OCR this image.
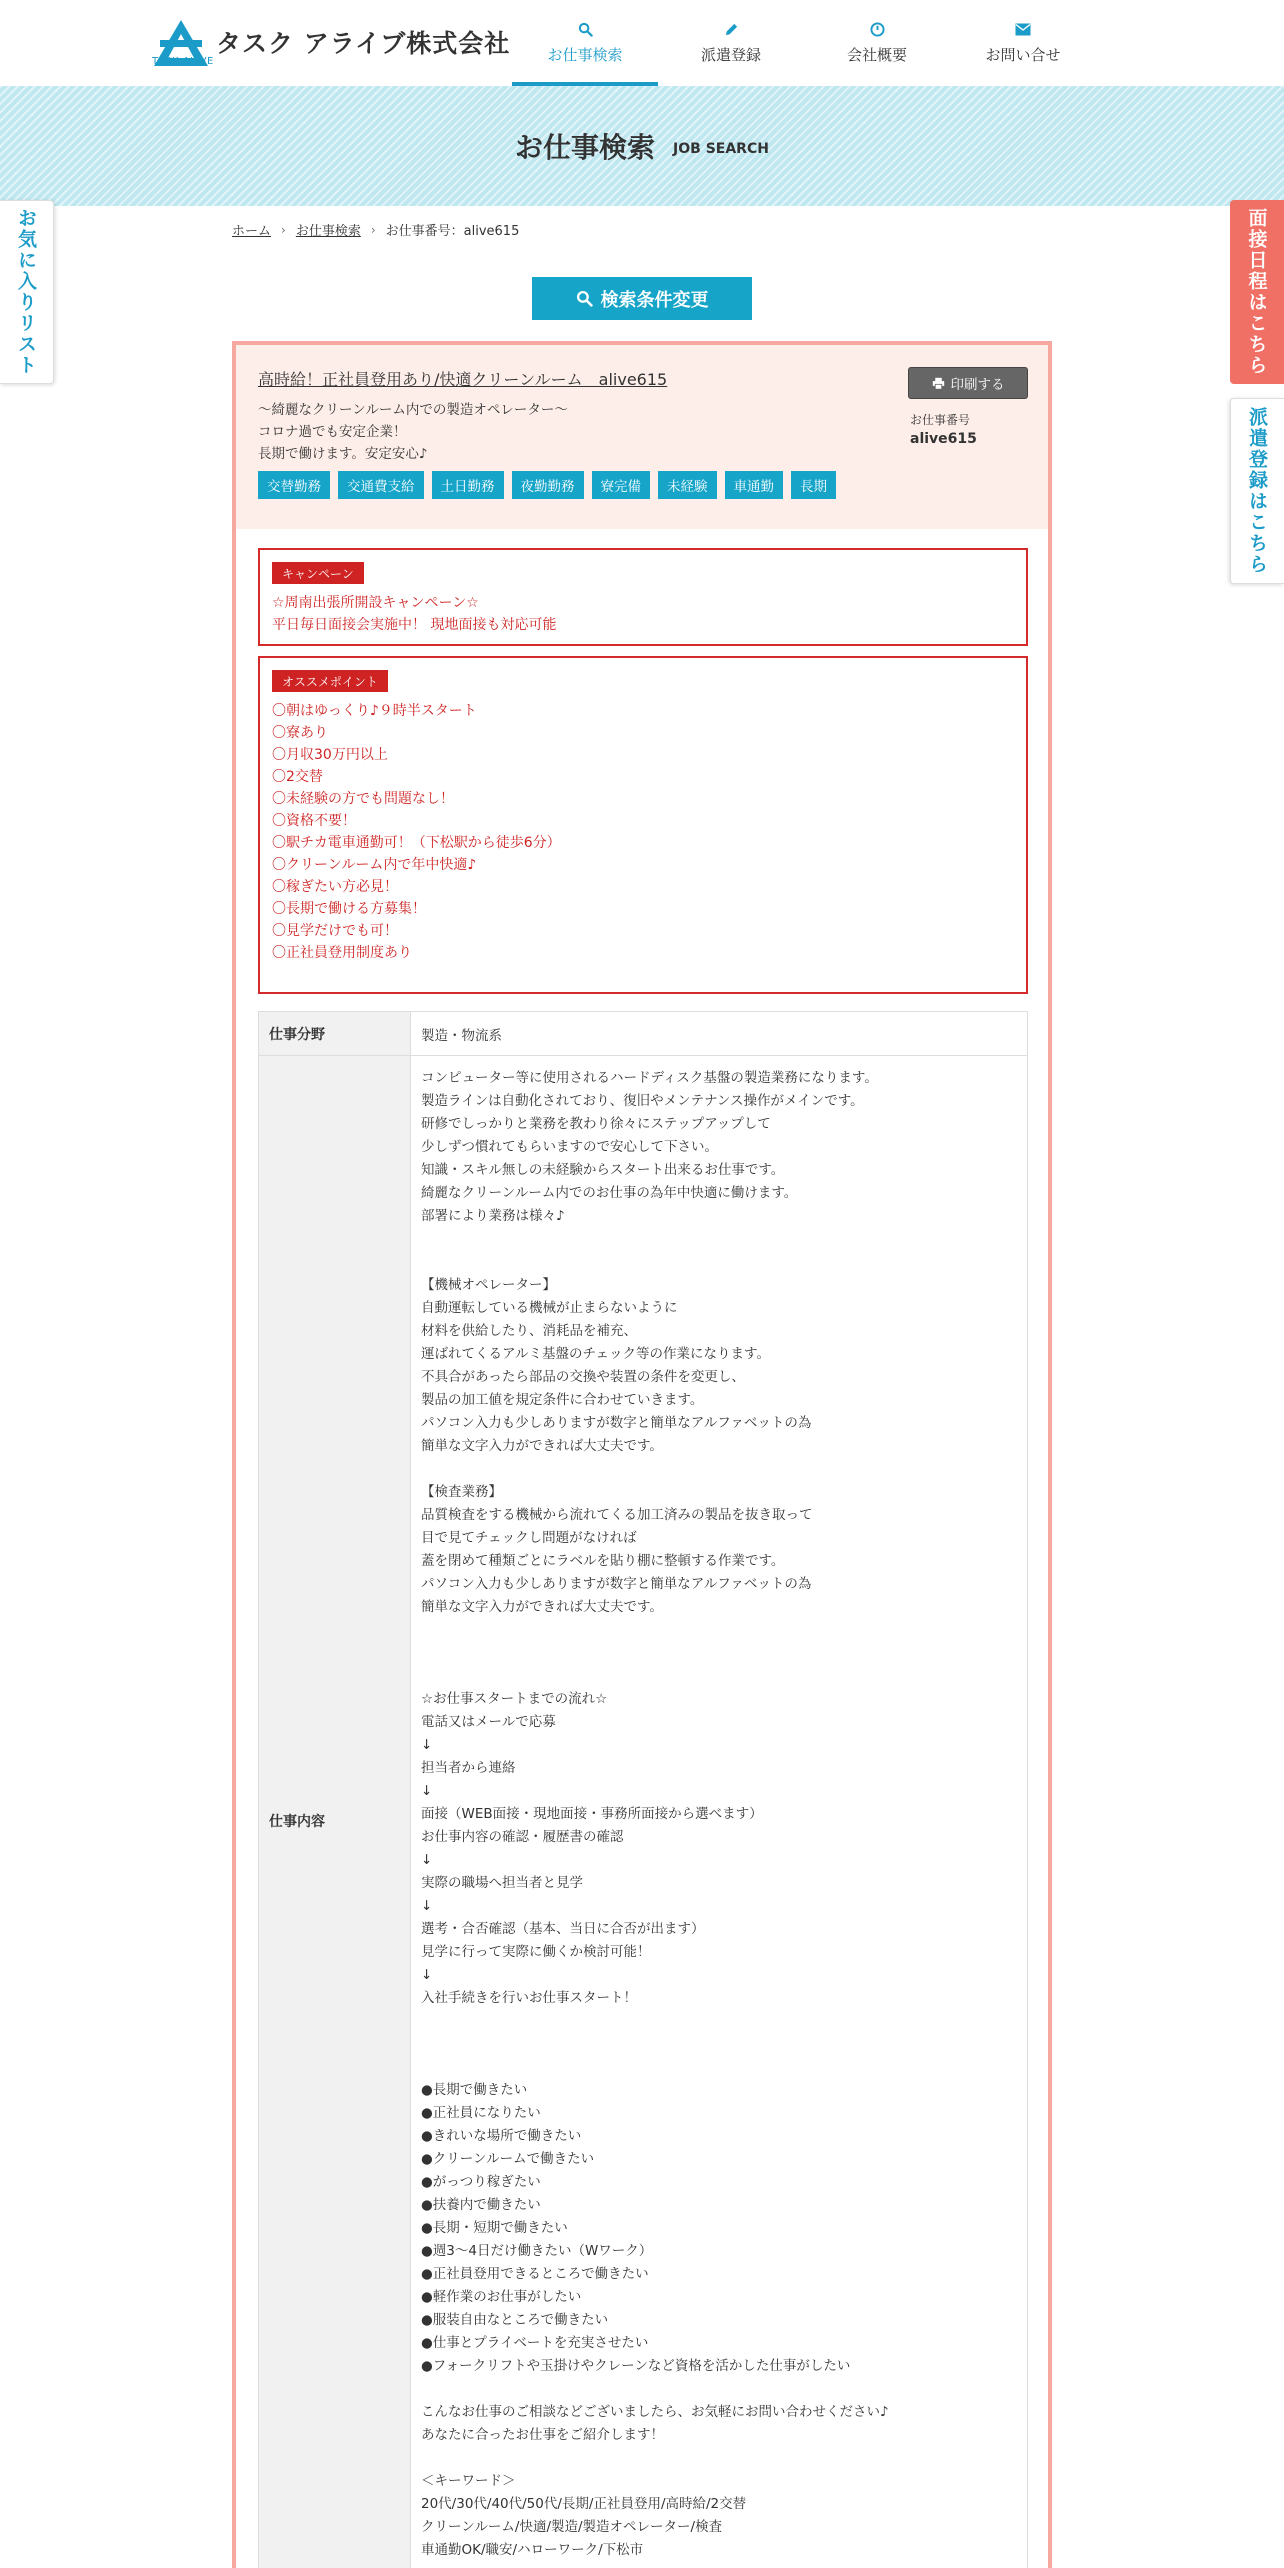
タスク アライブ株式会社
TASK ALIVE	お仕事検索	派遣登録	会社概要	お問い合せ
お仕事検索 JOB SEARCH
お気に入りリスト	面接日程はこちら
派遣登録はこちら
ホーム › お仕事検索 › お仕事番号：alive615
検索条件変更
高時給！正社員登用あり/快適クリーンルーム　alive615
～綺麗なクリーンルーム内での製造オペレーター～
コロナ過でも安定企業！
長期で働けます。安定安心♪
交替勤務	交通費支給	土日勤務	夜勤勤務	寮完備	未経験	車通勤	長期
印刷する
お仕事番号
alive615
キャンペーン
☆周南出張所開設キャンペーン☆
平日毎日面接会実施中！ 現地面接も対応可能
オススメポイント
〇朝はゆっくり♪９時半スタート
〇寮あり
〇月収30万円以上
〇2交替
〇未経験の方でも問題なし！
〇資格不要！
〇駅チカ電車通勤可！（下松駅から徒歩6分）
〇クリーンルーム内で年中快適♪
〇稼ぎたい方必見！
〇長期で働ける方募集！
〇見学だけでも可！
〇正社員登用制度あり
仕事分野	製造・物流系
仕事内容
コンピューター等に使用されるハードディスク基盤の製造業務になります。
製造ラインは自動化されており、復旧やメンテナンス操作がメインです。
研修でしっかりと業務を教わり徐々にステップアップして
少しずつ慣れてもらいますので安心して下さい。
知識・スキル無しの未経験からスタート出来るお仕事です。
綺麗なクリーンルーム内でのお仕事の為年中快適に働けます。
部署により業務は様々♪
【機械オペレーター】
自動運転している機械が止まらないように
材料を供給したり、消耗品を補充、
運ばれてくるアルミ基盤のチェック等の作業になります。
不具合があったら部品の交換や装置の条件を変更し、
製品の加工値を規定条件に合わせていきます。
パソコン入力も少しありますが数字と簡単なアルファベットの為
簡単な文字入力ができれば大丈夫です。
【検査業務】
品質検査をする機械から流れてくる加工済みの製品を抜き取って
目で見てチェックし問題がなければ
蓋を閉めて種類ごとにラベルを貼り棚に整頓する作業です。
パソコン入力も少しありますが数字と簡単なアルファベットの為
簡単な文字入力ができれば大丈夫です。
☆お仕事スタートまでの流れ☆
電話又はメールで応募
↓
担当者から連絡
↓
面接（WEB面接・現地面接・事務所面接から選べます）
お仕事内容の確認・履歴書の確認
↓
実際の職場へ担当者と見学
↓
選考・合否確認（基本、当日に合否が出ます）
見学に行って実際に働くか検討可能！
↓
入社手続きを行いお仕事スタート！
●長期で働きたい
●正社員になりたい
●きれいな場所で働きたい
●クリーンルームで働きたい
●がっつり稼ぎたい
●扶養内で働きたい
●長期・短期で働きたい
●週3～4日だけ働きたい（Wワーク）
●正社員登用できるところで働きたい
●軽作業のお仕事がしたい
●服装自由なところで働きたい
●仕事とプライベートを充実させたい
●フォークリフトや玉掛けやクレーンなど資格を活かした仕事がしたい
こんなお仕事のご相談などございましたら、お気軽にお問い合わせください♪
あなたに合ったお仕事をご紹介します！
＜キーワード＞
20代/30代/40代/50代/長期/正社員登用/高時給/2交替
クリーンルーム/快適/製造/製造オペレーター/検査
車通勤OK/職安/ハローワーク/下松市
